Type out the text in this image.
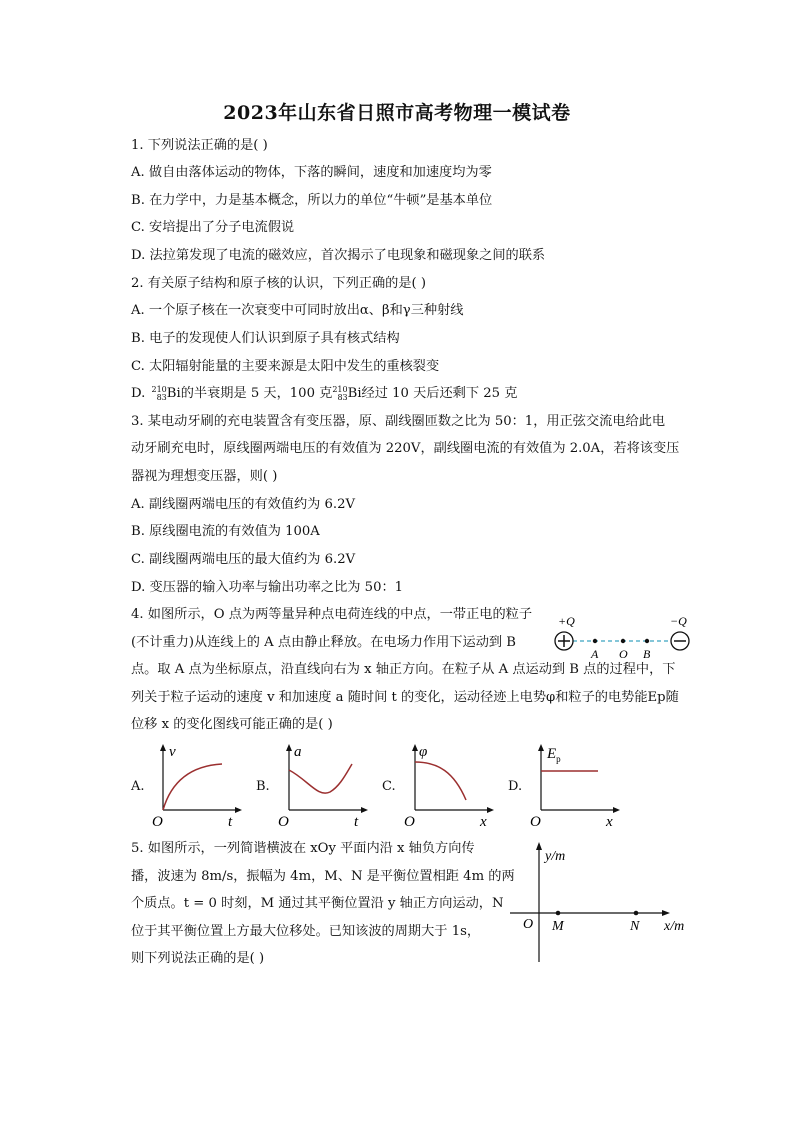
2023年山东省日照市高考物理一模试卷
1. 下列说法正确的是( )
A. 做自由落体运动的物体，下落的瞬间，速度和加速度均为零
B. 在力学中，力是基本概念，所以力的单位“牛顿”是基本单位
C. 安培提出了分子电流假说
D. 法拉第发现了电流的磁效应，首次揭示了电现象和磁现象之间的联系
2. 有关原子结构和原子核的认识，下列正确的是( )
A. 一个原子核在一次衰变中可同时放出α、β和γ三种射线
B. 电子的发现使人们认识到原子具有核式结构
C. 太阳辐射能量的主要来源是太阳中发生的重核裂变
D. 210
83 Bi的半衰期是 5 天，100 克 210
83 Bi经过 10 天后还剩下 25 克
3. 某电动牙刷的充电装置含有变压器，原、副线圈匝数之比为 50：1，用正弦交流电给此电
动牙刷充电时，原线圈两端电压的有效值为 220V，副线圈电流的有效值为 2.0A，若将该变压
器视为理想变压器，则( )
A. 副线圈两端电压的有效值约为 6.2V
B. 原线圈电流的有效值为 100A
C. 副线圈两端电压的最大值约为 6.2V
D. 变压器的输入功率与输出功率之比为 50：1
4. 如图所示，O 点为两等量异种点电荷连线的中点，一带正电的粒子
(不计重力)从连线上的 A 点由静止释放。在电场力作用下运动到 B
点。取 A 点为坐标原点，沿直线向右为 x 轴正方向。在粒子从 A 点运动到 B 点的过程中，下
列关于粒子运动的速度 v 和加速度 a 随时间 t 的变化，运动径迹上电势φ和粒子的电势能Ep随
位移 x 的变化图线可能正确的是( )
+Q	−Q
A O B
A.	B.	C.	D.
v
t
O
a
t
O
φ
x
O
$E_p$
x
O
5. 如图所示，一列简谐横波在 xOy 平面内沿 x 轴负方向传
播，波速为 8m/s，振幅为 4m，M、N 是平衡位置相距 4m 的两
个质点。t = 0 时刻，M 通过其平衡位置沿 y 轴正方向运动，N
位于其平衡位置上方最大位移处。已知该波的周期大于 1s，
则下列说法正确的是( )
y/m
x/m
O M	N
